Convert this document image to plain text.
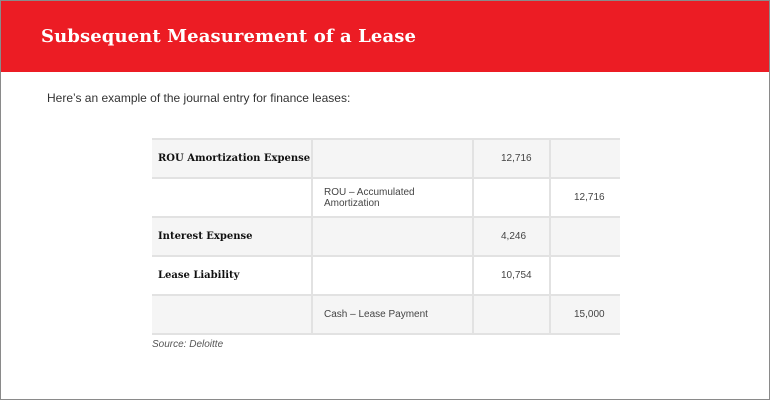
Subsequent Measurement of a Lease
Here’s an example of the journal entry for finance leases:
ROU Amortization Expense		12,716	
	ROU – Accumulated Amortization		12,716
Interest Expense		4,246	
Lease Liability		10,754	
	Cash – Lease Payment		15,000
Source: Deloitte
